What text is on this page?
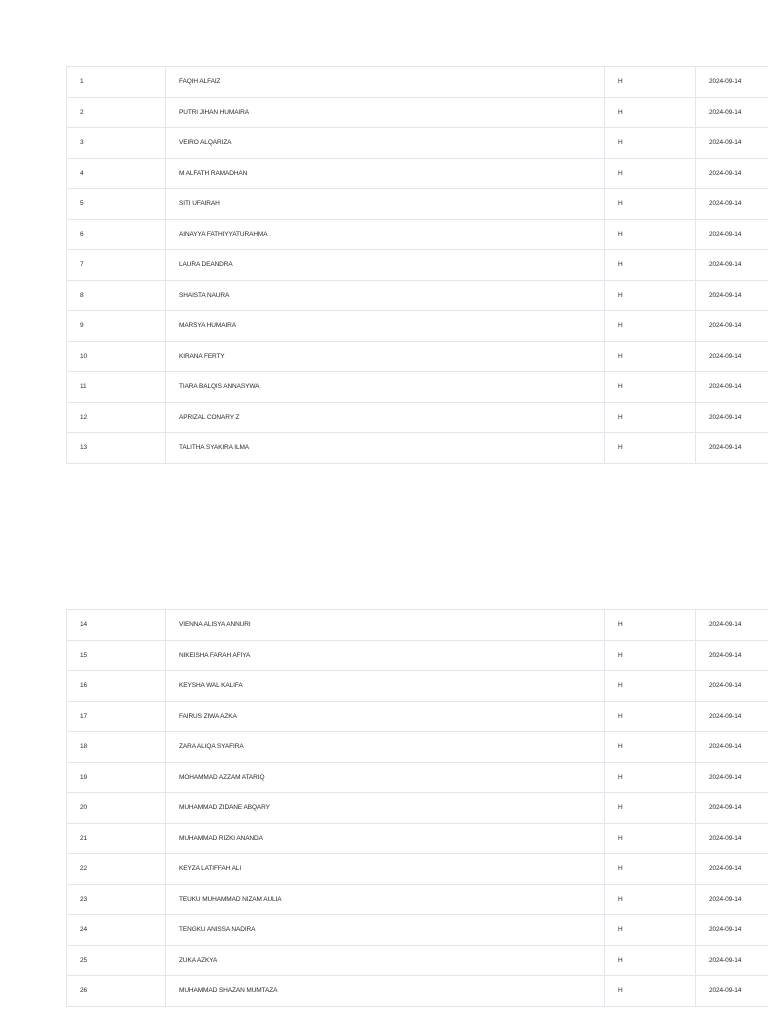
1	FAQIH ALFAIZ	H	2024-09-14
2	PUTRI JIHAN HUMAIRA	H	2024-09-14
3	VEIRO ALQARIZA	H	2024-09-14
4	M ALFATH RAMADHAN	H	2024-09-14
5	SITI UFAIRAH	H	2024-09-14
6	AINAYYA FATHIYYATURAHMA	H	2024-09-14
7	LAURA DEANDRA	H	2024-09-14
8	SHAISTA NAURA	H	2024-09-14
9	MARSYA HUMAIRA	H	2024-09-14
10	KIRANA FERTY	H	2024-09-14
11	TIARA BALQIS ANNASYWA	H	2024-09-14
12	APRIZAL CONARY Z	H	2024-09-14
13	TALITHA SYAKIRA ILMA	H	2024-09-14
14	VIENNA ALISYA ANNURI	H	2024-09-14
15	NIKEISHA FARAH AFIYA	H	2024-09-14
16	KEYSHA WAL KALIFA	H	2024-09-14
17	FAIRUS ZIWA AZKA	H	2024-09-14
18	ZARA ALIQA SYAFIRA	H	2024-09-14
19	MOHAMMAD AZZAM ATARIQ	H	2024-09-14
20	MUHAMMAD ZIDANE ABQARY	H	2024-09-14
21	MUHAMMAD RIZKI ANANDA	H	2024-09-14
22	KEYZA LATIFFAH ALI	H	2024-09-14
23	TEUKU MUHAMMAD NIZAM AULIA	H	2024-09-14
24	TENGKU ANISSA NADIRA	H	2024-09-14
25	ZUKA AZKYA	H	2024-09-14
26	MUHAMMAD SHAZAN MUMTAZA	H	2024-09-14
